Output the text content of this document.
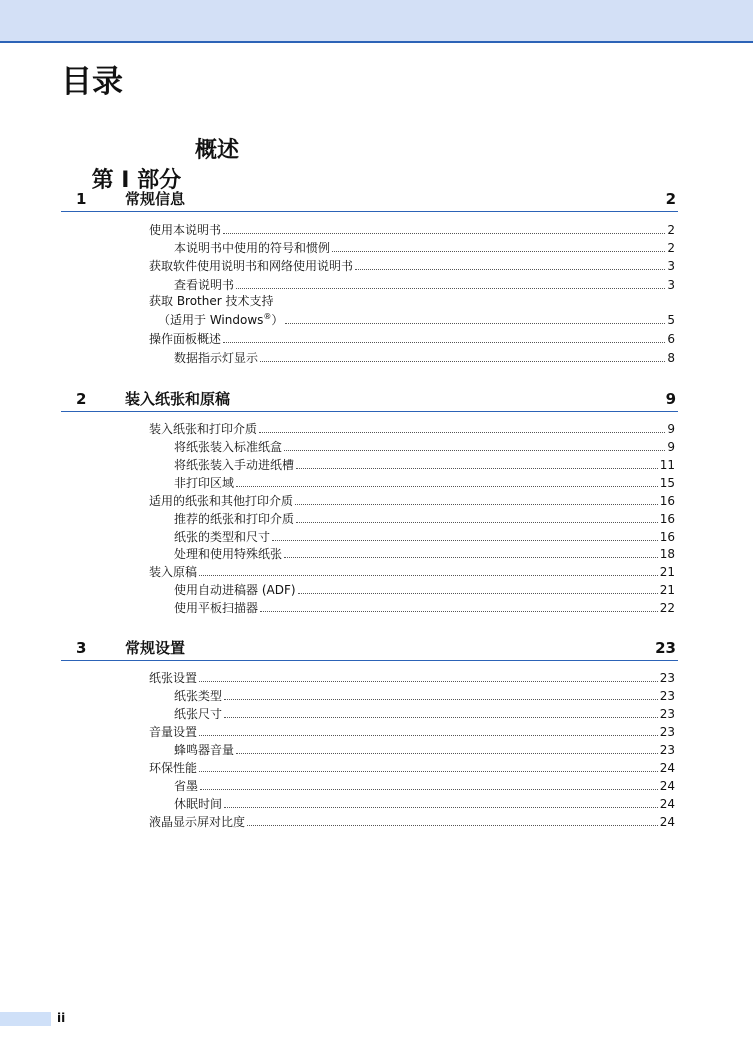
目录

第 I 部分

概述

1	常规信息	2
使用本说明书	2
本说明书中使用的符号和惯例	2
获取软件使用说明书和网络使用说明书	3
查看说明书	3
获取 Brother 技术支持
（适用于 Windows®）	5
操作面板概述	6
数据指示灯显示	8
2	装入纸张和原稿	9
装入纸张和打印介质	9
将纸张装入标准纸盒	9
将纸张装入手动进纸槽	11
非打印区域	15
适用的纸张和其他打印介质	16
推荐的纸张和打印介质	16
纸张的类型和尺寸	16
处理和使用特殊纸张	18
装入原稿	21
使用自动进稿器 (ADF)	21
使用平板扫描器	22
3	常规设置	23
纸张设置	23
纸张类型	23
纸张尺寸	23
音量设置	23
蜂鸣器音量	23
环保性能	24
省墨	24
休眠时间	24
液晶显示屏对比度	24
ii
